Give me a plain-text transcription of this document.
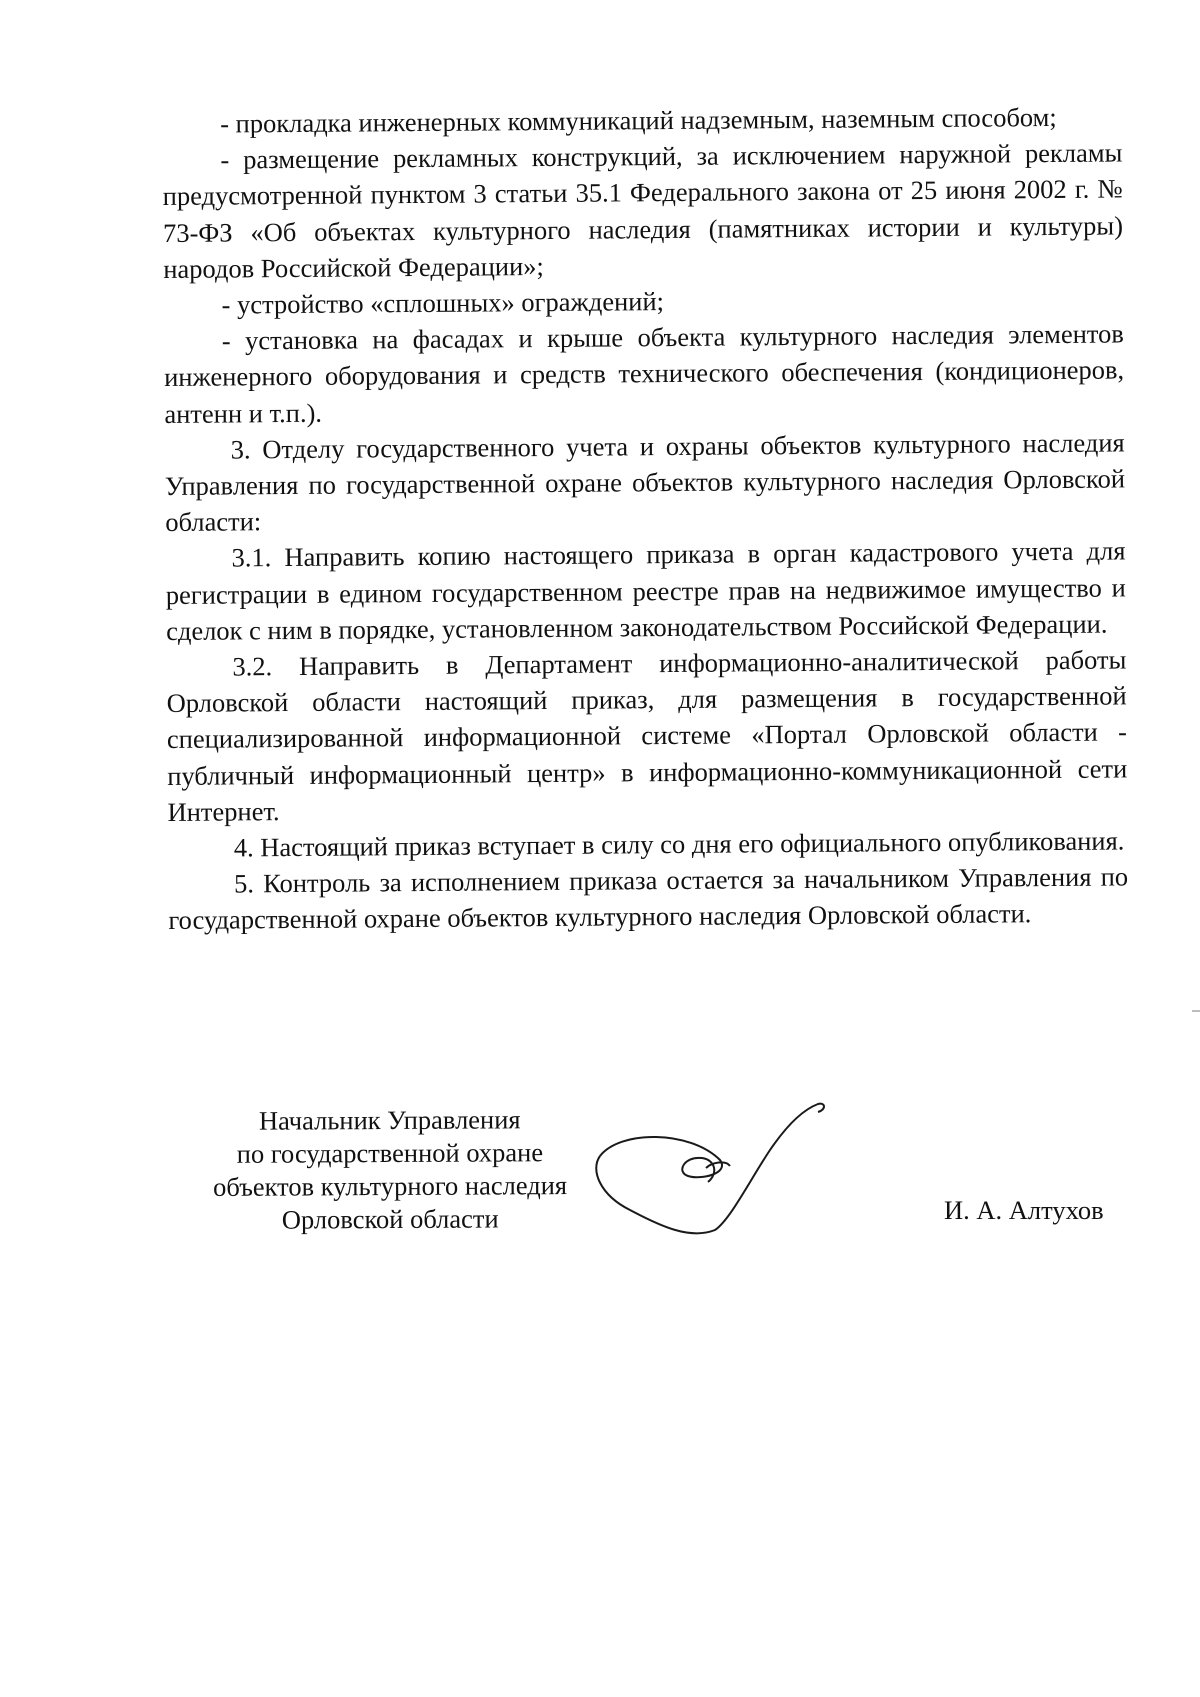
- прокладка инженерных коммуникаций надземным, наземным способом;

- размещение рекламных конструкций, за исключением наружной рекламы предусмотренной пунктом 3 статьи 35.1 Федерального закона от 25 июня 2002 г. № 73-ФЗ «Об объектах культурного наследия (памятниках истории и культуры) народов Российской Федерации»;

- устройство «сплошных» ограждений;

- установка на фасадах и крыше объекта культурного наследия элементов инженерного оборудования и средств технического обеспечения (кондиционеров, антенн и т.п.).

3. Отделу государственного учета и охраны объектов культурного наследия Управления по государственной охране объектов культурного наследия Орловской области:

3.1. Направить копию настоящего приказа в орган кадастрового учета для регистрации в едином государственном реестре прав на недвижимое имущество и сделок с ним в порядке, установленном законодательством Российской Федерации.

3.2. Направить в Департамент информационно-аналитической работы Орловской области настоящий приказ, для размещения в государственной специализированной информационной системе «Портал Орловской области - публичный информационный центр» в информационно-коммуникационной сети Интернет.

4. Настоящий приказ вступает в силу со дня его официального опубликования.

5. Контроль за исполнением приказа остается за начальником Управления по государственной охране объектов культурного наследия Орловской области.

Начальник Управления
по государственной охране
объектов культурного наследия
Орловской области	И. А. Алтухов
